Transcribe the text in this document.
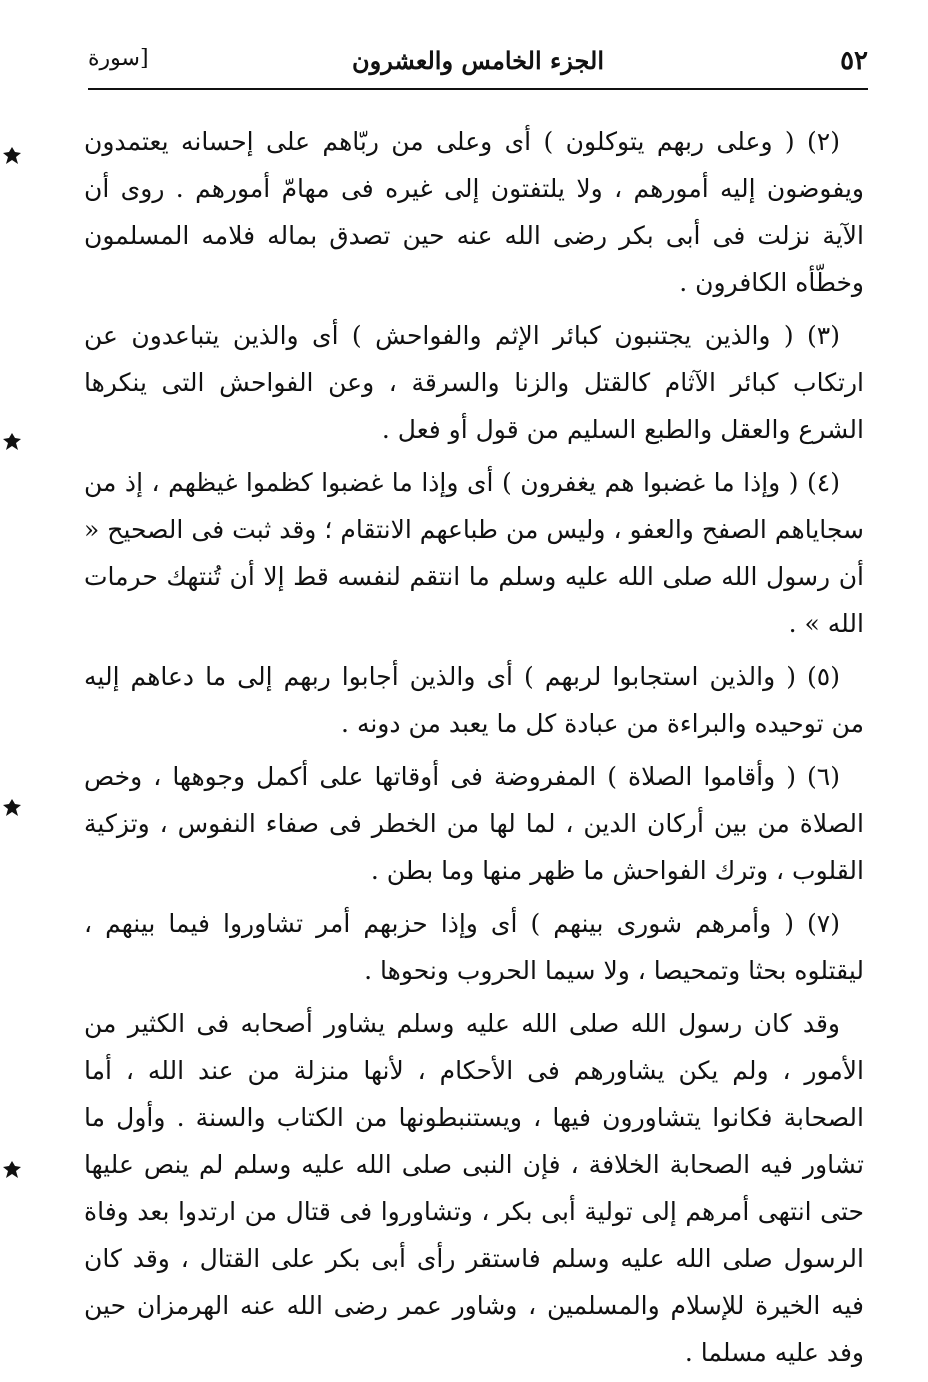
٥٢
الجزء الخامس والعشرون
[سورة

(٢) ( وعلى ربهم يتوكلون ) أى وعلى من ربّاهم على إحسانه يعتمدون ويفوضون إليه أمورهم ، ولا يلتفتون إلى غيره فى مهامّ أمورهم . روى أن الآية نزلت فى أبى بكر رضى الله عنه حين تصدق بماله فلامه المسلمون وخطّأه الكافرون .

(٣) ( والذين يجتنبون كبائر الإثم والفواحش ) أى والذين يتباعدون عن ارتكاب كبائر الآثام كالقتل والزنا والسرقة ، وعن الفواحش التى ينكرها الشرع والعقل والطبع السليم من قول أو فعل .

(٤) ( وإذا ما غضبوا هم يغفرون ) أى وإذا ما غضبوا كظموا غيظهم ، إذ من سجاياهم الصفح والعفو ، وليس من طباعهم الانتقام ؛ وقد ثبت فى الصحيح « أن رسول الله صلى الله عليه وسلم ما انتقم لنفسه قط إلا أن تُنتهك حرمات الله » .

(٥) ( والذين استجابوا لربهم ) أى والذين أجابوا ربهم إلى ما دعاهم إليه من توحيده والبراءة من عبادة كل ما يعبد من دونه .

(٦) ( وأقاموا الصلاة ) المفروضة فى أوقاتها على أكمل وجوهها ، وخص الصلاة من بين أركان الدين ، لما لها من الخطر فى صفاء النفوس ، وتزكية القلوب ، وترك الفواحش ما ظهر منها وما بطن .

(٧) ( وأمرهم شورى بينهم ) أى وإذا حزبهم أمر تشاوروا فيما بينهم ، ليقتلوه بحثا وتمحيصا ، ولا سيما الحروب ونحوها .

وقد كان رسول الله صلى الله عليه وسلم يشاور أصحابه فى الكثير من الأمور ، ولم يكن يشاورهم فى الأحكام ، لأنها منزلة من عند الله ، أما الصحابة فكانوا يتشاورون فيها ، ويستنبطونها من الكتاب والسنة . وأول ما تشاور فيه الصحابة الخلافة ، فإن النبى صلى الله عليه وسلم لم ينص عليها حتى انتهى أمرهم إلى تولية أبى بكر ، وتشاوروا فى قتال من ارتدوا بعد وفاة الرسول صلى الله عليه وسلم فاستقر رأى أبى بكر على القتال ، وقد كان فيه الخيرة للإسلام والمسلمين ، وشاور عمر رضى الله عنه الهرمزان حين وفد عليه مسلما .
